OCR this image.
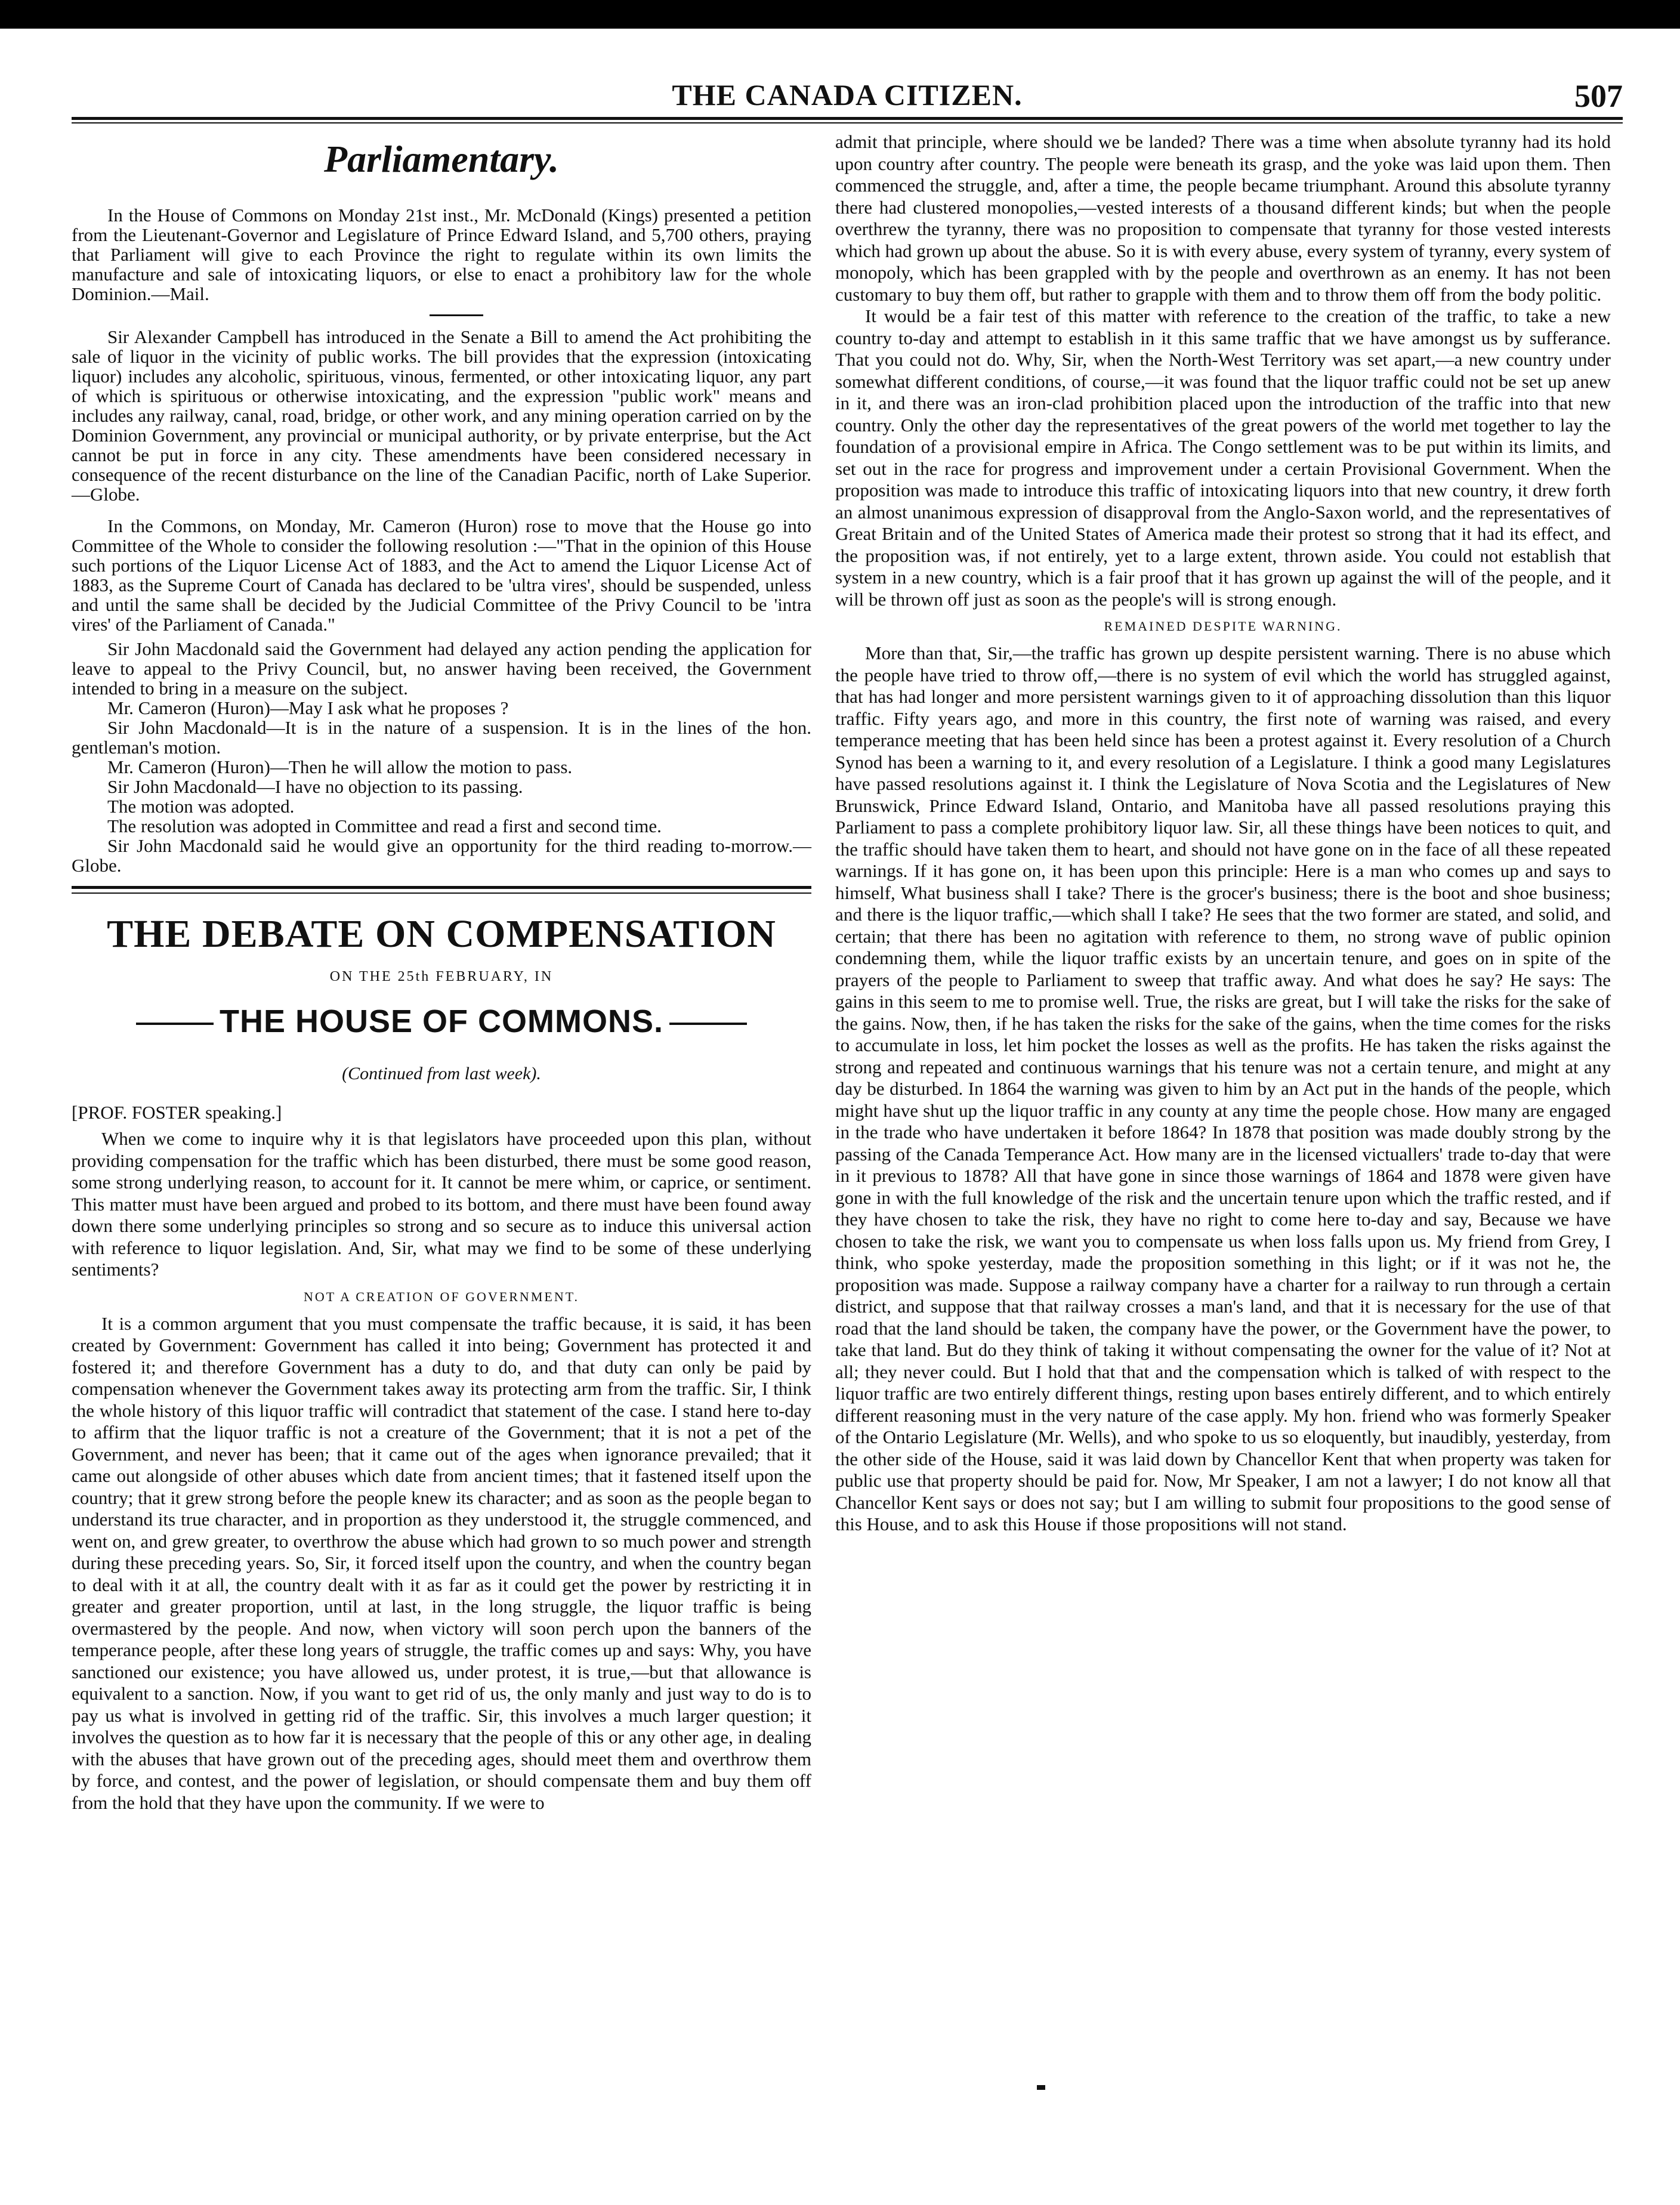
THE CANADA CITIZEN.	507
Parliamentary.

In the House of Commons on Monday 21st inst., Mr. McDonald (Kings) presented a petition from the Lieutenant-Governor and Legislature of Prince Edward Island, and 5,700 others, praying that Parliament will give to each Province the right to regulate within its own limits the manufacture and sale of intoxicating liquors, or else to enact a prohibitory law for the whole Dominion.—Mail.

Sir Alexander Campbell has introduced in the Senate a Bill to amend the Act prohibiting the sale of liquor in the vicinity of public works. The bill provides that the expression (intoxicating liquor) includes any alcoholic, spirituous, vinous, fermented, or other intoxicating liquor, any part of which is spirituous or otherwise intoxicating, and the expression "public work" means and includes any railway, canal, road, bridge, or other work, and any mining operation carried on by the Dominion Government, any provincial or municipal authority, or by private enterprise, but the Act cannot be put in force in any city. These amendments have been considered necessary in consequence of the recent disturbance on the line of the Canadian Pacific, north of Lake Superior.—Globe.

In the Commons, on Monday, Mr. Cameron (Huron) rose to move that the House go into Committee of the Whole to consider the following resolution :—"That in the opinion of this House such portions of the Liquor License Act of 1883, and the Act to amend the Liquor License Act of 1883, as the Supreme Court of Canada has declared to be 'ultra vires', should be suspended, unless and until the same shall be decided by the Judicial Committee of the Privy Council to be 'intra vires' of the Parliament of Canada."

Sir John Macdonald said the Government had delayed any action pending the application for leave to appeal to the Privy Council, but, no answer having been received, the Government intended to bring in a measure on the subject.

Mr. Cameron (Huron)—May I ask what he proposes ?

Sir John Macdonald—It is in the nature of a suspension. It is in the lines of the hon. gentleman's motion.

Mr. Cameron (Huron)—Then he will allow the motion to pass.

Sir John Macdonald—I have no objection to its passing.

The motion was adopted.

The resolution was adopted in Committee and read a first and second time.

Sir John Macdonald said he would give an opportunity for the third reading to-morrow.—Globe.

THE DEBATE ON COMPENSATION
ON THE 25th FEBRUARY, IN
THE HOUSE OF COMMONS.
(Continued from last week).
[PROF. FOSTER speaking.]

When we come to inquire why it is that legislators have proceeded upon this plan, without providing compensation for the traffic which has been disturbed, there must be some good reason, some strong underlying reason, to account for it. It cannot be mere whim, or caprice, or sentiment. This matter must have been argued and probed to its bottom, and there must have been found away down there some underlying principles so strong and so secure as to induce this universal action with reference to liquor legislation. And, Sir, what may we find to be some of these underlying sentiments?

NOT A CREATION OF GOVERNMENT.

It is a common argument that you must compensate the traffic because, it is said, it has been created by Government: Government has called it into being; Government has protected it and fostered it; and therefore Government has a duty to do, and that duty can only be paid by compensation whenever the Government takes away its protecting arm from the traffic. Sir, I think the whole history of this liquor traffic will contradict that statement of the case. I stand here to-day to affirm that the liquor traffic is not a creature of the Government; that it is not a pet of the Government, and never has been; that it came out of the ages when ignorance prevailed; that it came out alongside of other abuses which date from ancient times; that it fastened itself upon the country; that it grew strong before the people knew its character; and as soon as the people began to understand its true character, and in proportion as they understood it, the struggle commenced, and went on, and grew greater, to overthrow the abuse which had grown to so much power and strength during these preceding years. So, Sir, it forced itself upon the country, and when the country began to deal with it at all, the country dealt with it as far as it could get the power by restricting it in greater and greater proportion, until at last, in the long struggle, the liquor traffic is being overmastered by the people. And now, when victory will soon perch upon the banners of the temperance people, after these long years of struggle, the traffic comes up and says: Why, you have sanctioned our existence; you have allowed us, under protest, it is true,—but that allowance is equivalent to a sanction. Now, if you want to get rid of us, the only manly and just way to do is to pay us what is involved in getting rid of the traffic. Sir, this involves a much larger question; it involves the question as to how far it is necessary that the people of this or any other age, in dealing with the abuses that have grown out of the preceding ages, should meet them and overthrow them by force, and contest, and the power of legislation, or should compensate them and buy them off from the hold that they have upon the community. If we were to

admit that principle, where should we be landed? There was a time when absolute tyranny had its hold upon country after country. The people were beneath its grasp, and the yoke was laid upon them. Then commenced the struggle, and, after a time, the people became triumphant. Around this absolute tyranny there had clustered monopolies,—vested interests of a thousand different kinds; but when the people overthrew the tyranny, there was no proposition to compensate that tyranny for those vested interests which had grown up about the abuse. So it is with every abuse, every system of tyranny, every system of monopoly, which has been grappled with by the people and overthrown as an enemy. It has not been customary to buy them off, but rather to grapple with them and to throw them off from the body politic.

It would be a fair test of this matter with reference to the creation of the traffic, to take a new country to-day and attempt to establish in it this same traffic that we have amongst us by sufferance. That you could not do. Why, Sir, when the North-West Territory was set apart,—a new country under somewhat different conditions, of course,—it was found that the liquor traffic could not be set up anew in it, and there was an iron-clad prohibition placed upon the introduction of the traffic into that new country. Only the other day the representatives of the great powers of the world met together to lay the foundation of a provisional empire in Africa. The Congo settlement was to be put within its limits, and set out in the race for progress and improvement under a certain Provisional Government. When the proposition was made to introduce this traffic of intoxicating liquors into that new country, it drew forth an almost unanimous expression of disapproval from the Anglo-Saxon world, and the representatives of Great Britain and of the United States of America made their protest so strong that it had its effect, and the proposition was, if not entirely, yet to a large extent, thrown aside. You could not establish that system in a new country, which is a fair proof that it has grown up against the will of the people, and it will be thrown off just as soon as the people's will is strong enough.

REMAINED DESPITE WARNING.

More than that, Sir,—the traffic has grown up despite persistent warning. There is no abuse which the people have tried to throw off,—there is no system of evil which the world has struggled against, that has had longer and more persistent warnings given to it of approaching dissolution than this liquor traffic. Fifty years ago, and more in this country, the first note of warning was raised, and every temperance meeting that has been held since has been a protest against it. Every resolution of a Church Synod has been a warning to it, and every resolution of a Legislature. I think a good many Legislatures have passed resolutions against it. I think the Legislature of Nova Scotia and the Legislatures of New Brunswick, Prince Edward Island, Ontario, and Manitoba have all passed resolutions praying this Parliament to pass a complete prohibitory liquor law. Sir, all these things have been notices to quit, and the traffic should have taken them to heart, and should not have gone on in the face of all these repeated warnings. If it has gone on, it has been upon this principle: Here is a man who comes up and says to himself, What business shall I take? There is the grocer's business; there is the boot and shoe business; and there is the liquor traffic,—which shall I take? He sees that the two former are stated, and solid, and certain; that there has been no agitation with reference to them, no strong wave of public opinion condemning them, while the liquor traffic exists by an uncertain tenure, and goes on in spite of the prayers of the people to Parliament to sweep that traffic away. And what does he say? He says: The gains in this seem to me to promise well. True, the risks are great, but I will take the risks for the sake of the gains. Now, then, if he has taken the risks for the sake of the gains, when the time comes for the risks to accumulate in loss, let him pocket the losses as well as the profits. He has taken the risks against the strong and repeated and continuous warnings that his tenure was not a certain tenure, and might at any day be disturbed. In 1864 the warning was given to him by an Act put in the hands of the people, which might have shut up the liquor traffic in any county at any time the people chose. How many are engaged in the trade who have undertaken it before 1864? In 1878 that position was made doubly strong by the passing of the Canada Temperance Act. How many are in the licensed victuallers' trade to-day that were in it previous to 1878? All that have gone in since those warnings of 1864 and 1878 were given have gone in with the full knowledge of the risk and the uncertain tenure upon which the traffic rested, and if they have chosen to take the risk, they have no right to come here to-day and say, Because we have chosen to take the risk, we want you to compensate us when loss falls upon us. My friend from Grey, I think, who spoke yesterday, made the proposition something in this light; or if it was not he, the proposition was made. Suppose a railway company have a charter for a railway to run through a certain district, and suppose that that railway crosses a man's land, and that it is necessary for the use of that road that the land should be taken, the company have the power, or the Government have the power, to take that land. But do they think of taking it without compensating the owner for the value of it? Not at all; they never could. But I hold that that and the compensation which is talked of with respect to the liquor traffic are two entirely different things, resting upon bases entirely different, and to which entirely different reasoning must in the very nature of the case apply. My hon. friend who was formerly Speaker of the Ontario Legislature (Mr. Wells), and who spoke to us so eloquently, but inaudibly, yesterday, from the other side of the House, said it was laid down by Chancellor Kent that when property was taken for public use that property should be paid for. Now, Mr Speaker, I am not a lawyer; I do not know all that Chancellor Kent says or does not say; but I am willing to submit four propositions to the good sense of this House, and to ask this House if those propositions will not stand.
